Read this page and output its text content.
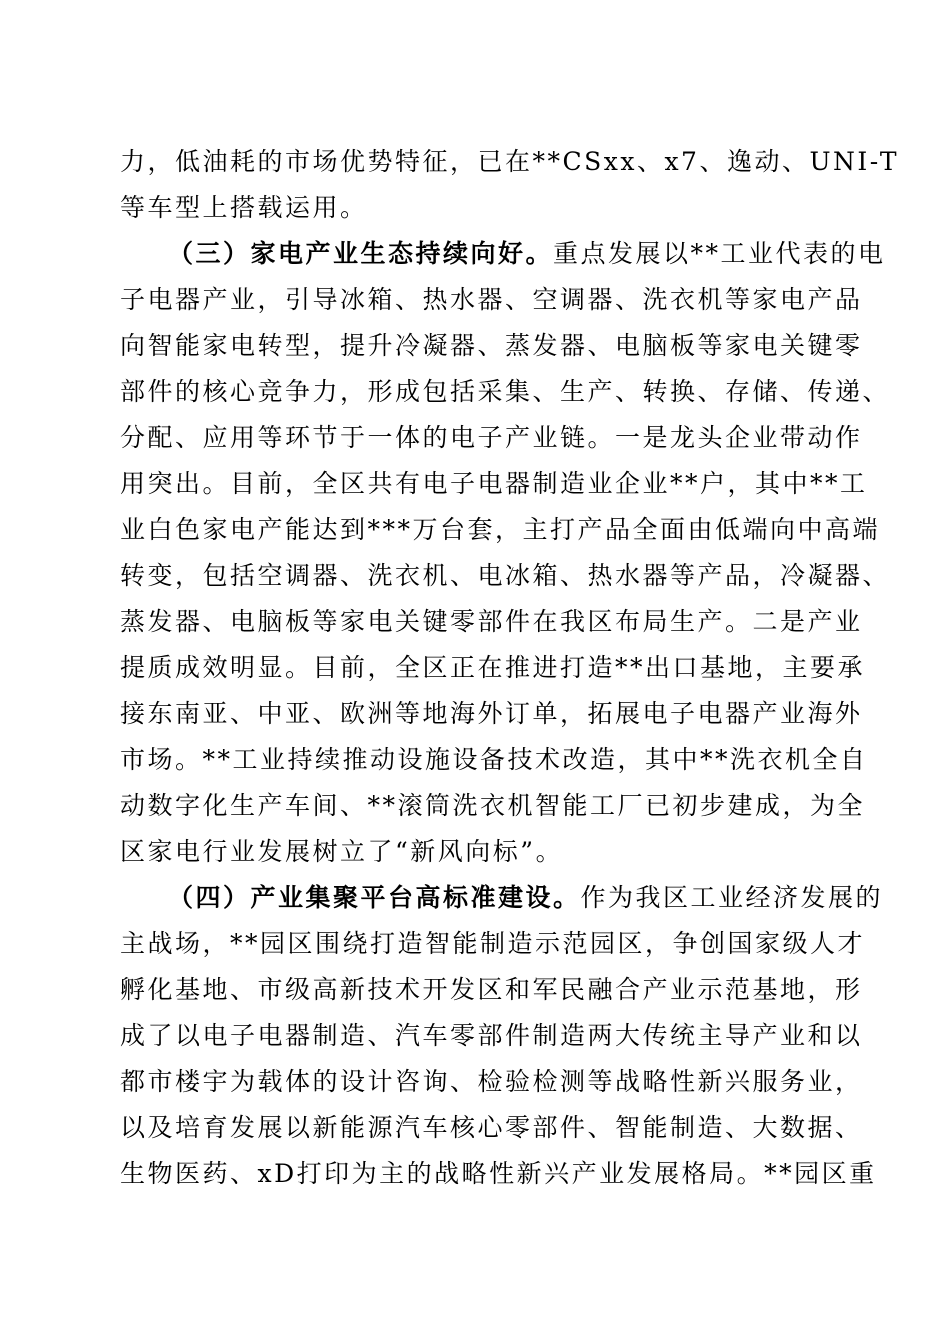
力，低油耗的市场优势特征，已在**CSxx、x7、逸动、UNI-T
等车型上搭载运用。
（三）家电产业生态持续向好。重点发展以**工业代表的电
子电器产业，引导冰箱、热水器、空调器、洗衣机等家电产品
向智能家电转型，提升冷凝器、蒸发器、电脑板等家电关键零
部件的核心竞争力，形成包括采集、生产、转换、存储、传递、
分配、应用等环节于一体的电子产业链。一是龙头企业带动作
用突出。目前，全区共有电子电器制造业企业**户，其中**工
业白色家电产能达到***万台套，主打产品全面由低端向中高端
转变，包括空调器、洗衣机、电冰箱、热水器等产品，冷凝器、
蒸发器、电脑板等家电关键零部件在我区布局生产。二是产业
提质成效明显。目前，全区正在推进打造**出口基地，主要承
接东南亚、中亚、欧洲等地海外订单，拓展电子电器产业海外
市场。**工业持续推动设施设备技术改造，其中**洗衣机全自
动数字化生产车间、**滚筒洗衣机智能工厂已初步建成，为全
区家电行业发展树立了“新风向标”。
（四）产业集聚平台高标准建设。作为我区工业经济发展的
主战场，**园区围绕打造智能制造示范园区，争创国家级人才
孵化基地、市级高新技术开发区和军民融合产业示范基地，形
成了以电子电器制造、汽车零部件制造两大传统主导产业和以
都市楼宇为载体的设计咨询、检验检测等战略性新兴服务业，
以及培育发展以新能源汽车核心零部件、智能制造、大数据、
生物医药、xD打印为主的战略性新兴产业发展格局。**园区重
